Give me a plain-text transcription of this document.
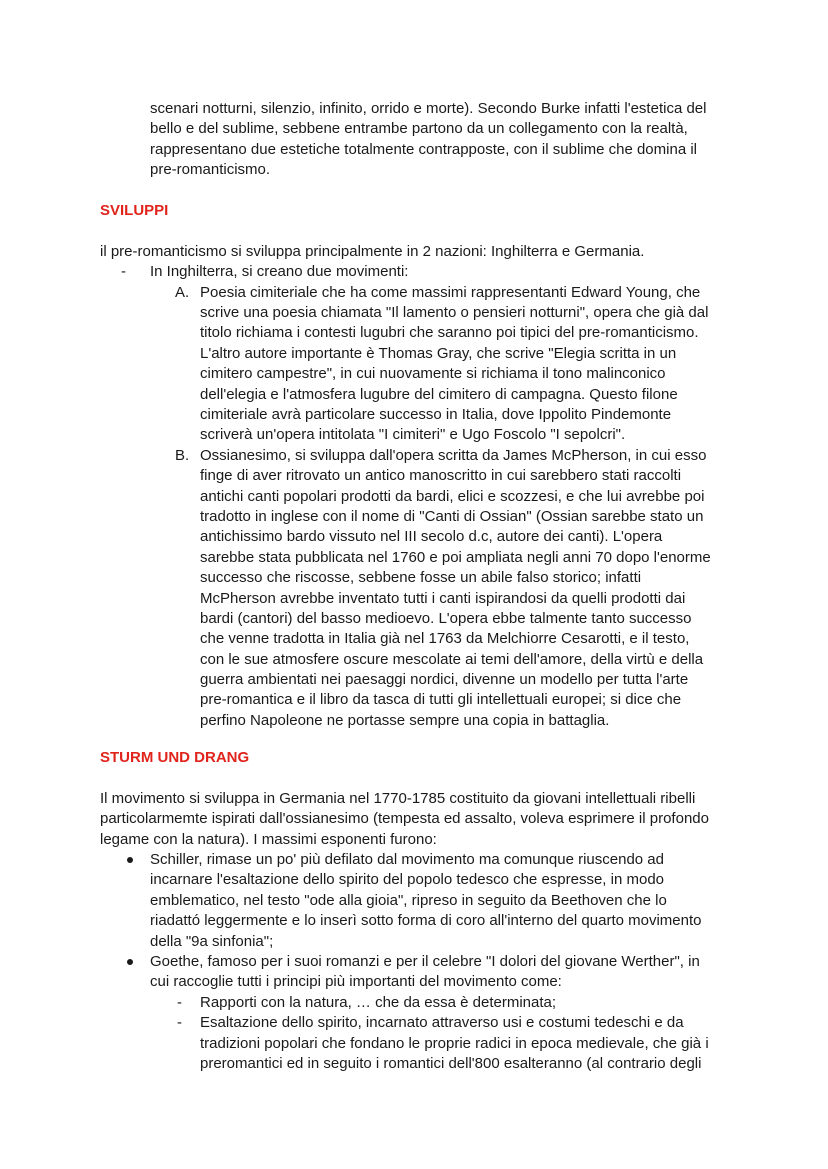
scenari notturni, silenzio, infinito, orrido e morte). Secondo Burke infatti l'estetica del

bello e del sublime, sebbene entrambe partono da un collegamento con la realtà,

rappresentano due estetiche totalmente contrapposte, con il sublime che domina il

pre-romanticismo.

SVILUPPI

il pre-romanticismo si sviluppa principalmente in 2 nazioni: Inghilterra e Germania.

- In Inghilterra, si creano due movimenti:

A. Poesia cimiteriale che ha come massimi rappresentanti Edward Young, che

scrive una poesia chiamata "Il lamento o pensieri notturni", opera che già dal

titolo richiama i contesti lugubri che saranno poi tipici del pre-romanticismo.

L'altro autore importante è Thomas Gray, che scrive "Elegia scritta in un

cimitero campestre", in cui nuovamente si richiama il tono malinconico

dell'elegia e l'atmosfera lugubre del cimitero di campagna. Questo filone

cimiteriale avrà particolare successo in Italia, dove Ippolito Pindemonte

scriverà un'opera intitolata "I cimiteri" e Ugo Foscolo "I sepolcri".

B. Ossianesimo, si sviluppa dall'opera scritta da James McPherson, in cui esso

finge di aver ritrovato un antico manoscritto in cui sarebbero stati raccolti

antichi canti popolari prodotti da bardi, elici e scozzesi, e che lui avrebbe poi

tradotto in inglese con il nome di "Canti di Ossian" (Ossian sarebbe stato un

antichissimo bardo vissuto nel III secolo d.c, autore dei canti). L'opera

sarebbe stata pubblicata nel 1760 e poi ampliata negli anni 70 dopo l'enorme

successo che riscosse, sebbene fosse un abile falso storico; infatti

McPherson avrebbe inventato tutti i canti ispirandosi da quelli prodotti dai

bardi (cantori) del basso medioevo. L'opera ebbe talmente tanto successo

che venne tradotta in Italia già nel 1763 da Melchiorre Cesarotti, e il testo,

con le sue atmosfere oscure mescolate ai temi dell'amore, della virtù e della

guerra ambientati nei paesaggi nordici, divenne un modello per tutta l'arte

pre-romantica e il libro da tasca di tutti gli intellettuali europei; si dice che

perfino Napoleone ne portasse sempre una copia in battaglia.

STURM UND DRANG

Il movimento si sviluppa in Germania nel 1770-1785 costituito da giovani intellettuali ribelli

particolarmemte ispirati dall'ossianesimo (tempesta ed assalto, voleva esprimere il profondo

legame con la natura). I massimi esponenti furono:

Schiller, rimase un po' più defilato dal movimento ma comunque riuscendo ad

incarnare l'esaltazione dello spirito del popolo tedesco che espresse, in modo

emblematico, nel testo "ode alla gioia", ripreso in seguito da Beethoven che lo

riadattó leggermente e lo inserì sotto forma di coro all'interno del quarto movimento

della "9a sinfonia";

Goethe, famoso per i suoi romanzi e per il celebre "I dolori del giovane Werther", in

cui raccoglie tutti i principi più importanti del movimento come:

- Rapporti con la natura, … che da essa è determinata;

- Esaltazione dello spirito, incarnato attraverso usi e costumi tedeschi e da

tradizioni popolari che fondano le proprie radici in epoca medievale, che già i

preromantici ed in seguito i romantici dell'800 esalteranno (al contrario degli
